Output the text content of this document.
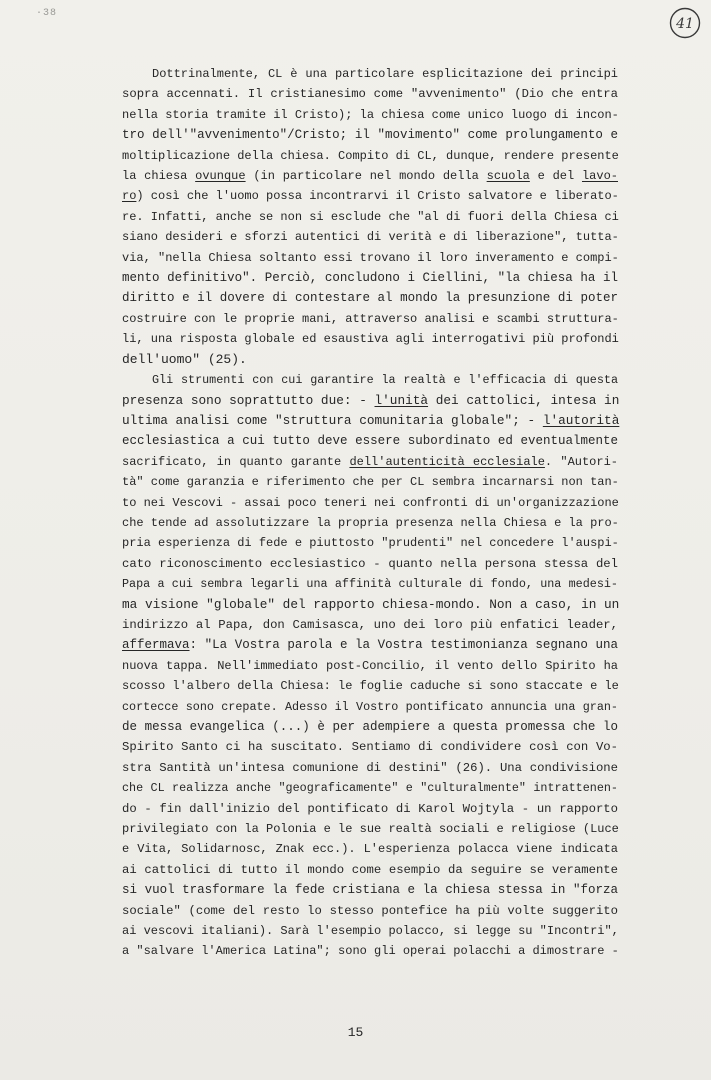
·38
41
Dottrinalmente, CL è una particolare esplicitazione dei principi
sopra accennati. Il cristianesimo come "avvenimento" (Dio che entra
nella storia tramite il Cristo); la chiesa come unico luogo di incon-
tro dell'"avvenimento"/Cristo; il "movimento" come prolungamento e
moltiplicazione della chiesa. Compito di CL, dunque, rendere presente
la chiesa ovunque (in particolare nel mondo della scuola e del lavo-
ro) così che l'uomo possa incontrarvi il Cristo salvatore e liberato-
re. Infatti, anche se non si esclude che "al di fuori della Chiesa ci
siano desideri e sforzi autentici di verità e di liberazione", tutta-
via, "nella Chiesa soltanto essi trovano il loro inveramento e compi-
mento definitivo". Perciò, concludono i Ciellini, "la chiesa ha il
diritto e il dovere di contestare al mondo la presunzione di poter
costruire con le proprie mani, attraverso analisi e scambi struttura-
li, una risposta globale ed esaustiva agli interrogativi più profondi
dell'uomo" (25).
Gli strumenti con cui garantire la realtà e l'efficacia di questa
presenza sono soprattutto due: - l'unità dei cattolici, intesa in
ultima analisi come "struttura comunitaria globale"; - l'autorità
ecclesiastica a cui tutto deve essere subordinato ed eventualmente
sacrificato, in quanto garante dell'autenticità ecclesiale. "Autori-
tà" come garanzia e riferimento che per CL sembra incarnarsi non tan-
to nei Vescovi - assai poco teneri nei confronti di un'organizzazione
che tende ad assolutizzare la propria presenza nella Chiesa e la pro-
pria esperienza di fede e piuttosto "prudenti" nel concedere l'auspi-
cato riconoscimento ecclesiastico - quanto nella persona stessa del
Papa a cui sembra legarli una affinità culturale di fondo, una medesi-
ma visione "globale" del rapporto chiesa-mondo. Non a caso, in un
indirizzo al Papa, don Camisasca, uno dei loro più enfatici leader,
affermava: "La Vostra parola e la Vostra testimonianza segnano una
nuova tappa. Nell'immediato post-Concilio, il vento dello Spirito ha
scosso l'albero della Chiesa: le foglie caduche si sono staccate e le
cortecce sono crepate. Adesso il Vostro pontificato annuncia una gran-
de messa evangelica (...) è per adempiere a questa promessa che lo
Spirito Santo ci ha suscitato. Sentiamo di condividere così con Vo-
stra Santità un'intesa comunione di destini" (26). Una condivisione
che CL realizza anche "geograficamente" e "culturalmente" intrattenen-
do - fin dall'inizio del pontificato di Karol Wojtyla - un rapporto
privilegiato con la Polonia e le sue realtà sociali e religiose (Luce
e Vita, Solidarnosc, Znak ecc.). L'esperienza polacca viene indicata
ai cattolici di tutto il mondo come esempio da seguire se veramente
si vuol trasformare la fede cristiana e la chiesa stessa in "forza
sociale" (come del resto lo stesso pontefice ha più volte suggerito
ai vescovi italiani). Sarà l'esempio polacco, si legge su "Incontri",
a "salvare l'America Latina"; sono gli operai polacchi a dimostrare -
15
